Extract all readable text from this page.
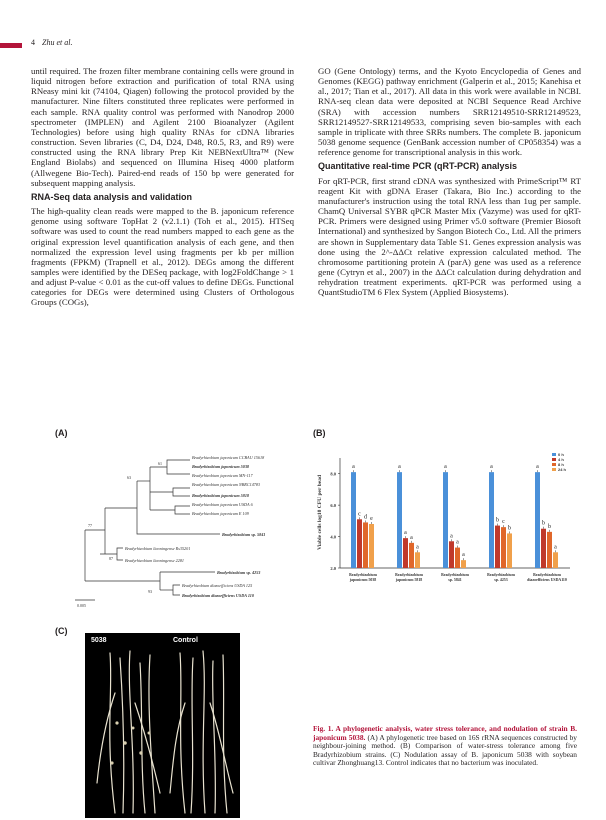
4 Zhu et al.

until required. The frozen filter membrane containing cells were ground in liquid nitrogen before extraction and purification of total RNA using RNeasy mini kit (74104, Qiagen) following the protocol provided by the manufacturer. Nine filters constituted three replicates were performed in each sample. RNA quality control was performed with Nanodrop 2000 spectrometer (IMPLEN) and Agilent 2100 Bioanalyzer (Agilent Technologies) before using high quality RNAs for cDNA libraries construction. Seven libraries (C, D4, D24, D48, R0.5, R3, and R9) were constructed using the RNA library Prep Kit NEBNextUltra™ (New England Biolabs) and sequenced on Illumina Hiseq 4000 platform (Allwegene Bio-Tech). Paired-end reads of 150 bp were generated for subsequent mapping analysis.

RNA-Seq data analysis and validation

The high-quality clean reads were mapped to the B. japonicum reference genome using software TopHat 2 (v2.1.1) (Toh et al., 2015). HTSeq software was used to count the read numbers mapped to each gene as the original expression level quantification analysis of each gene, and then normalized the expression level using fragments per kb per million fragments (FPKM) (Trapnell et al., 2012). DEGs among the different samples were identified by the DESeq package, with log2FoldChange > 1 and adjust P-value < 0.01 as the cut-off values to define DEGs. Functional categories for DEGs were determined using Clusters of Orthologous Groups (COGs),

GO (Gene Ontology) terms, and the Kyoto Encyclopedia of Genes and Genomes (KEGG) pathway enrichment (Galperin et al., 2015; Kanehisa et al., 2017; Tian et al., 2017). All data in this work were available in NCBI. RNA-seq clean data were deposited at NCBI Sequence Read Archive (SRA) with accession numbers SRR12149510-SRR12149523, SRR12149527-SRR12149533, comprising seven bio-samples with each sample in triplicate with three SRRs numbers. The complete B. japonicum 5038 genome sequence (GenBank accession number of CP058354) was a reference genome for transcriptional analysis in this work.

Quantitative real-time PCR (qRT-PCR) analysis

For qRT-PCR, first strand cDNA was synthesized with PrimeScript™ RT reagent Kit with gDNA Eraser (Takara, Bio Inc.) according to the manufacturer's instruction using the total RNA less than 1ug per sample. ChamQ Universal SYBR qPCR Master Mix (Vazyme) was used for qRT-PCR. Primers were designed using Primer v5.0 software (Premier Biosoft International) and synthesized by Sangon Biotech Co., Ltd. All the primers are shown in Supplementary data Table S1. Genes expression analysis was done using the 2^-ΔΔCt relative expression calculated method. The chromosome partitioning protein A (parA) gene was used as a reference gene (Cytryn et al., 2007) in the ΔΔCt calculation during dehydration and rehydration treatment experiments. qRT-PCR was performed using a QuantStudioTM 6 Flex System (Applied Biosystems).

(A)
Bradyrhizobium japonicum CCBAU 15618
Bradyrhizobium japonicum 5038
Bradyrhizobium japonicum MN-117
Bradyrhizobium japonicum NBRC14783
Bradyrhizobium japonicum 5818
Bradyrhizobium japonicum USDA 6
Bradyrhizobium japonicum E 109
Bradyrhizobium sp. 5841
Bradyrhizobium liaoningense Rs35201
Bradyrhizobium liaoningense 2281
Bradyrhizobium sp. 4253
Bradyrhizobium diazoefficiens USDA 125
Bradyrhizobium diazoefficiens USDA 110
61
63
77
87
93
0.005
(B)
Viable cells log10 CFU per bead
2.0
4.0
6.0
8.0
a
c
d e
Bradyrhizobium
japonicum 5038
a
a
a
a
Bradyrhizobium
japonicum 5818
a
a
a
a
Bradyrhizobium
sp. 5841
a
b c
b
Bradyrhizobium
sp. 4253
a
b
b
a
Bradyrhizobium
diazoefficiens USDA110
0 h
4 h
8 h
24 h
(C)
5038	Control
Fig. 1. A phylogenetic analysis, water stress tolerance, and nodulation of strain B. japonicum 5038. (A) A phylogenetic tree based on 16S rRNA sequences constructed by neighbour-joining method. (B) Comparison of water-stress tolerance among five Bradyrhizobium strains. (C) Nodulation assay of B. japonicum 5038 with soybean cultivar Zhonghuang13. Control indicates that no bacterium was inoculated.
